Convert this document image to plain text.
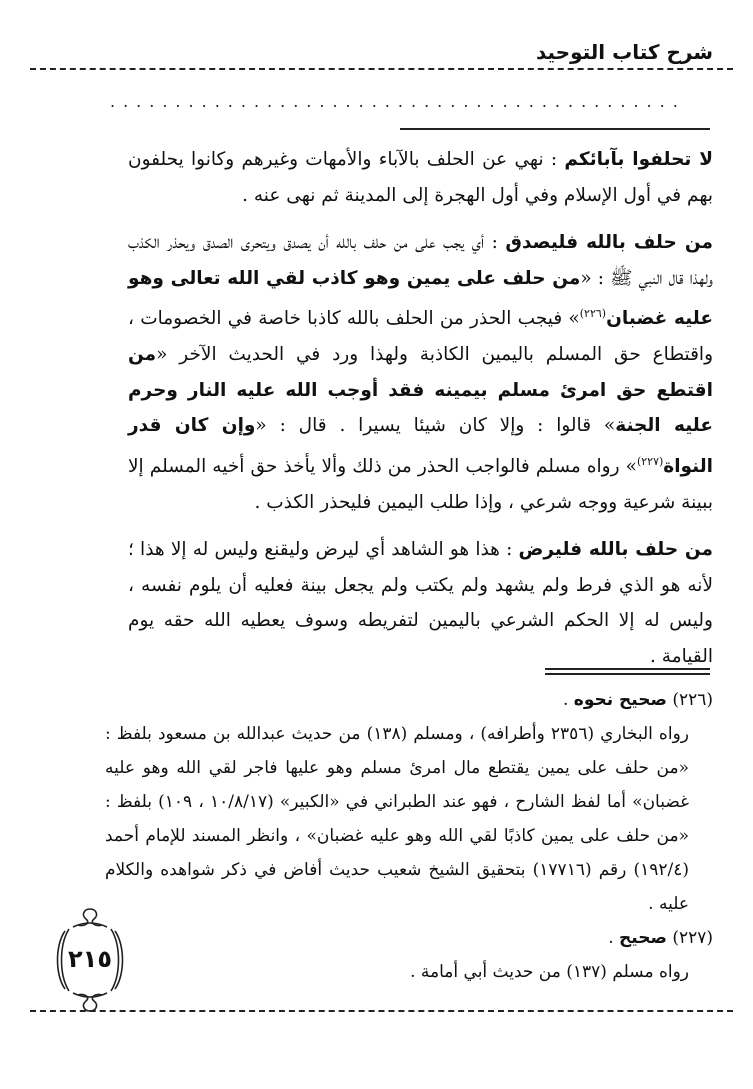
شرح كتاب التوحيد
............................................

لا تحلفوا بآبائكم : نهي عن الحلف بالآباء والأمهات وغيرهم وكانوا يحلفون بهم في أول الإسلام وفي أول الهجرة إلى المدينة ثم نهى عنه .

من حلف بالله فليصدق : أي يجب على من حلف بالله أن يصدق ويتحرى الصدق ويحذر الكذب ولهذا قال النبي ﷺ : «من حلف على يمين وهو كاذب لقي الله تعالى وهو عليه غضبان$^{(٢٢٦)}$» فيجب الحذر من الحلف بالله كاذبا خاصة في الخصومات ، واقتطاع حق المسلم باليمين الكاذبة ولهذا ورد في الحديث الآخر «من اقتطع حق امرئ مسلم بيمينه فقد أوجب الله عليه النار وحرم عليه الجنة» قالوا : وإلا كان شيئا يسيرا . قال : «وإن كان قدر النواة$^{(٢٢٧)}$» رواه مسلم فالواجب الحذر من ذلك وألا يأخذ حق أخيه المسلم إلا ببينة شرعية ووجه شرعي ، وإذا طلب اليمين فليحذر الكذب .

من حلف بالله فليرض : هذا هو الشاهد أي ليرض وليقنع وليس له إلا هذا ؛ لأنه هو الذي فرط ولم يشهد ولم يكتب ولم يجعل بينة فعليه أن يلوم نفسه ، وليس له إلا الحكم الشرعي باليمين لتفريطه وسوف يعطيه الله حقه يوم القيامة .

(٢٢٦) صحيح نحوه .

رواه البخاري (٢٣٥٦ وأطرافه) ، ومسلم (١٣٨) من حديث عبدالله بن مسعود بلفظ : «من حلف على يمين يقتطع مال امرئ مسلم وهو عليها فاجر لقي الله وهو عليه غضبان» أما لفظ الشارح ، فهو عند الطبراني في «الكبير» (١٠/٨/١٧ ، ١٠٩) بلفظ : «من حلف على يمين كاذبًا لقي الله وهو عليه غضبان» ، وانظر المسند للإمام أحمد (١٩٢/٤) رقم (١٧٧١٦) بتحقيق الشيخ شعيب حديث أفاض في ذكر شواهده والكلام عليه .

(٢٢٧) صحيح .

رواه مسلم (١٣٧) من حديث أبي أمامة .

٢١٥
